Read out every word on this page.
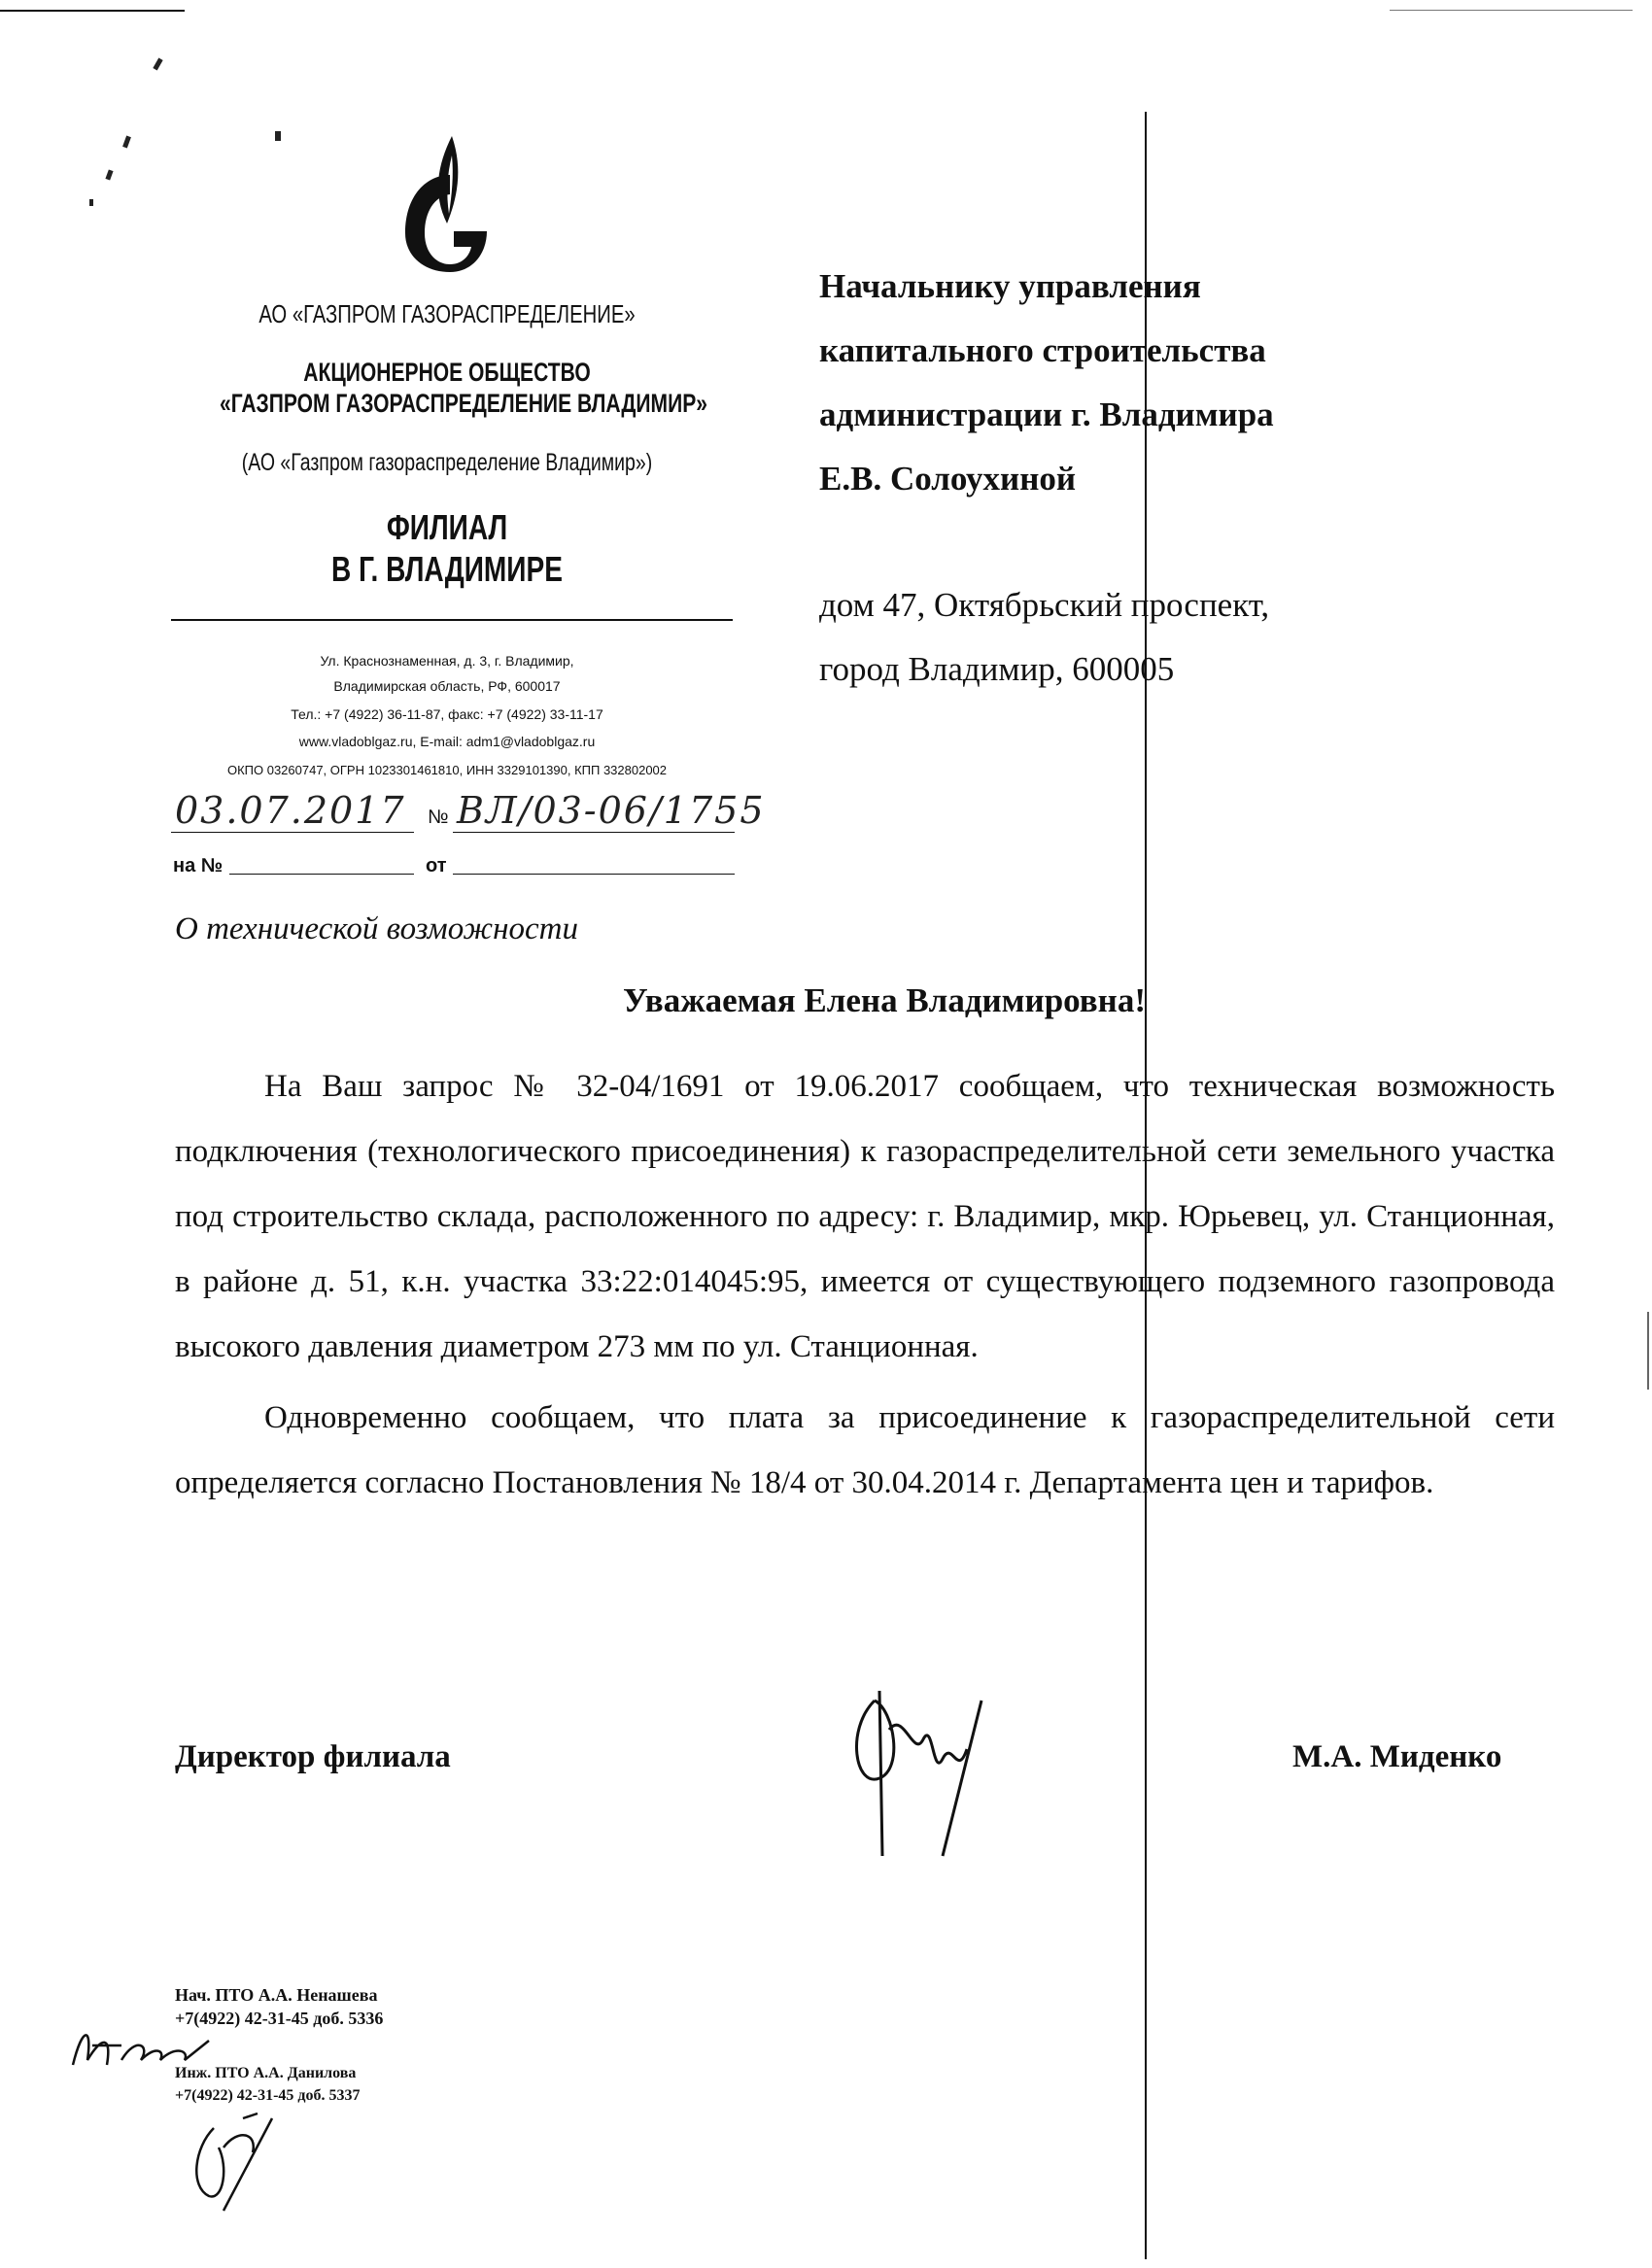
АО «ГАЗПРОМ ГАЗОРАСПРЕДЕЛЕНИЕ»
АКЦИОНЕРНОЕ ОБЩЕСТВО
«ГАЗПРОМ ГАЗОРАСПРЕДЕЛЕНИЕ ВЛАДИМИР»
(АО «Газпром газораспределение Владимир»)
ФИЛИАЛ
В Г. ВЛАДИМИРЕ
Ул. Краснознаменная, д. 3, г. Владимир,
Владимирская область, РФ, 600017
Тел.: +7 (4922) 36-11-87, факс: +7 (4922) 33-11-17
www.vladoblgaz.ru, E-mail: adm1@vladoblgaz.ru
ОКПО 03260747, ОГРН 1023301461810, ИНН 3329101390, КПП 332802002
03.07.2017 № ВЛ/03-06/1755
на №	от
Начальнику управления
капитального строительства
администрации г. Владимира
Е.В. Солоухиной
дом 47, Октябрьский проспект,
город Владимир, 600005
О технической возможности
Уважаемая Елена Владимировна!

На Ваш запрос № 32-04/1691 от 19.06.2017 сообщаем, что техническая возможность подключения (технологического присоединения) к газораспределительной сети земельного участка под строительство склада, расположенного по адресу: г. Владимир, мкр. Юрьевец, ул. Станционная, в районе д. 51, к.н. участка 33:22:014045:95, имеется от существующего подземного газопровода высокого давления диаметром 273 мм по ул. Станционная.

Одновременно сообщаем, что плата за присоединение к газораспределительной сети определяется согласно Постановления № 18/4 от 30.04.2014 г. Департамента цен и тарифов.

Директор филиала	М.А. Миденко
Нач. ПТО А.А. Ненашева
+7(4922) 42-31-45 доб. 5336
Инж. ПТО А.А. Данилова
+7(4922) 42-31-45 доб. 5337
